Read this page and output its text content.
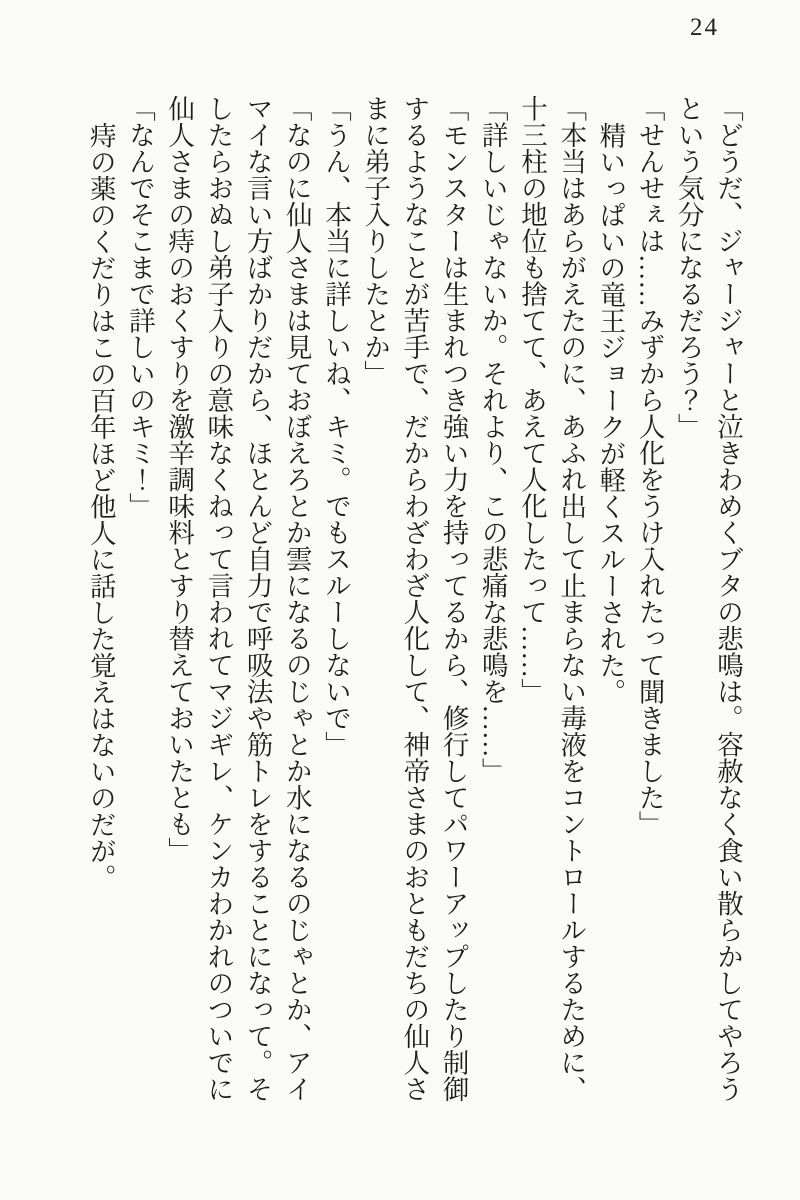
24

「どうだ、ジャージャーと泣きわめくブタの悲鳴は。容赦なく食い散らかしてやろうという気分になるだろう？」

「せんせぇは……みずから人化をうけ入れたって聞きました」

精いっぱいの竜王ジョークが軽くスルーされた。

「本当はあらがえたのに、あふれ出して止まらない毒液をコントロールするために、十三柱の地位も捨てて、あえて人化したって……」

「詳しいじゃないか。それより、この悲痛な悲鳴を……」

「モンスターは生まれつき強い力を持ってるから、修行してパワーアップしたり制御するようなことが苦手で、だからわざわざ人化して、神帝さまのおともだちの仙人さまに弟子入りしたとか」

「うん、本当に詳しいね、キミ。でもスルーしないで」

「なのに仙人さまは見ておぼえろとか雲になるのじゃとか水になるのじゃとか、アイマイな言い方ばかりだから、ほとんど自力で呼吸法や筋トレをすることになって。そしたらおぬし弟子入りの意味なくねって言われてマジギレ、ケンカわかれのついでに仙人さまの痔のおくすりを激辛調味料とすり替えておいたとも」

「なんでそこまで詳しいのキミ！」

痔の薬のくだりはこの百年ほど他人に話した覚えはないのだが。
